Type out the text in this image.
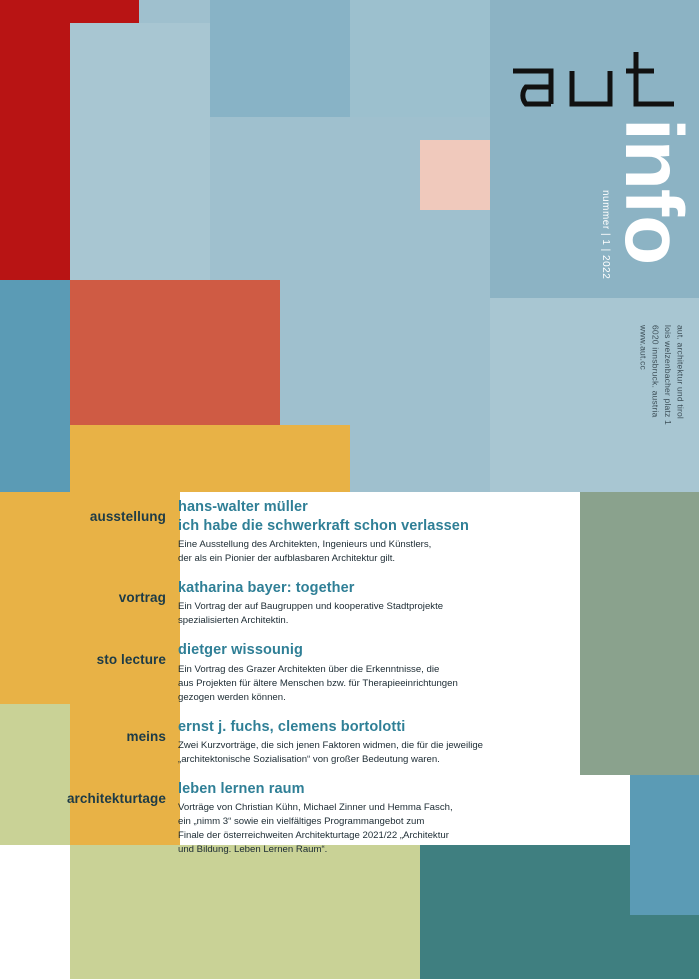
info
nummer | 1 | 2022
aut. architektur und tirol
lois welzenbacher platz 1
6020 innsbruck. austria
www.aut.cc
ausstellung
hans-walter müller
ich habe die schwerkraft schon verlassen
Eine Ausstellung des Architekten, Ingenieurs und Künstlers,
der als ein Pionier der aufblasbaren Architektur gilt.
vortrag
katharina bayer: together
Ein Vortrag der auf Baugruppen und kooperative Stadtprojekte
spezialisierten Architektin.
sto lecture
dietger wissounig
Ein Vortrag des Grazer Architekten über die Erkenntnisse, die
aus Projekten für ältere Menschen bzw. für Therapieeinrichtungen
gezogen werden können.
meins
ernst j. fuchs, clemens bortolotti
Zwei Kurzvorträge, die sich jenen Faktoren widmen, die für die jeweilige
„architektonische Sozialisation“ von großer Bedeutung waren.
architekturtage
leben lernen raum
Vorträge von Christian Kühn, Michael Zinner und Hemma Fasch,
ein „nimm 3“ sowie ein vielfältiges Programmangebot zum
Finale der österreichweiten Architekturtage 2021/22 „Architektur
und Bildung. Leben Lernen Raum“.
